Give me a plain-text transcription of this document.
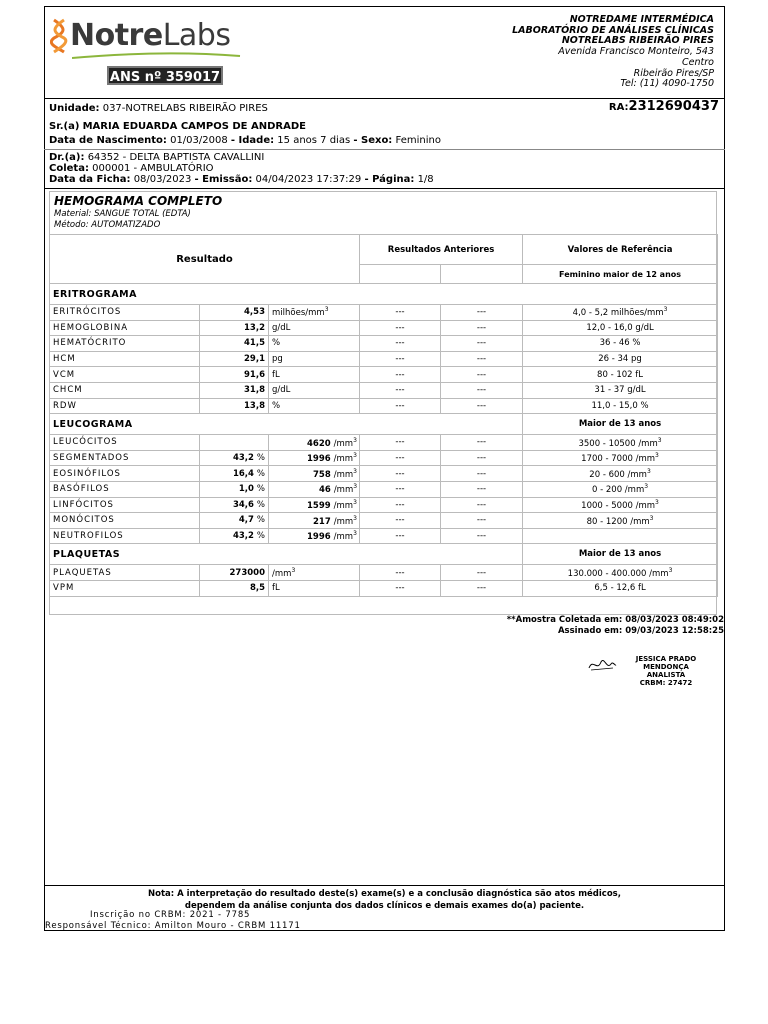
NotreLabs
ANS nº 359017
NOTREDAME INTERMÉDICA
LABORATÓRIO DE ANÁLISES CLÍNICAS
NOTRELABS RIBEIRÃO PIRES
Avenida Francisco Monteiro, 543
Centro
Ribeirão Pires/SP
Tel: (11) 4090-1750
Unidade: 037-NOTRELABS RIBEIRÃO PIRES	RA:2312690437
Sr.(a) MARIA EDUARDA CAMPOS DE ANDRADE
Data de Nascimento: 01/03/2008 - Idade: 15 anos 7 dias - Sexo: Feminino
Dr.(a): 64352 - DELTA BAPTISTA CAVALLINI
Coleta: 000001 - AMBULATÓRIO
Data da Ficha: 08/03/2023 - Emissão: 04/04/2023 17:37:29 - Página: 1/8
HEMOGRAMA COMPLETO
Material: SANGUE TOTAL (EDTA)
Método: AUTOMATIZADO
Resultado			Resultados Anteriores		Valores de Referência
					Feminino maior de 12 anos
ERITROGRAMA					
ERITRÓCITOS	4,53	milhões/$mm^3$	---	---	4,0 - 5,2 milhões/$mm^3$
HEMOGLOBINA	13,2	g/dL	---	---	12,0 - 16,0 g/dL
HEMATÓCRITO	41,5	%	---	---	36 - 46 %
HCM	29,1	pg	---	---	26 - 34 pg
VCM	91,6	fL	---	---	80 - 102 fL
CHCM	31,8	g/dL	---	---	31 - 37 g/dL
RDW	13,8	%	---	---	11,0 - 15,0 %
LEUCOGRAMA					Maior de 13 anos
LEUCÓCITOS		4620 $/mm^3$	---	---	3500 - 10500 $/mm^3$
SEGMENTADOS	43,2 %	1996 $/mm^3$	---	---	1700 - 7000 $/mm^3$
EOSINÓFILOS	16,4 %	758 $/mm^3$	---	---	20 - 600 $/mm^3$
BASÓFILOS	1,0 %	46 $/mm^3$	---	---	0 - 200 $/mm^3$
LINFÓCITOS	34,6 %	1599 $/mm^3$	---	---	1000 - 5000 $/mm^3$
MONÓCITOS	4,7 %	217 $/mm^3$	---	---	80 - 1200 $/mm^3$
NEUTROFILOS	43,2 %	1996 $/mm^3$	---	---	
PLAQUETAS					Maior de 13 anos
PLAQUETAS	273000	$/mm^3$	---	---	130.000 - 400.000 $/mm^3$
VPM	8,5	fL	---	---	6,5 - 12,6 fL
**Amostra Coletada em: 08/03/2023 08:49:02
Assinado em: 09/03/2023 12:58:25
JESSICA PRADO MENDONÇA
ANALISTA
CRBM: 27472
Nota: A interpretação do resultado deste(s) exame(s) e a conclusão diagnóstica são atos médicos,
dependem da análise conjunta dos dados clínicos e demais exames do(a) paciente.
Inscrição no CRBM: 2021 - 7785
Responsável Técnico: Amilton Mouro - CRBM 11171
